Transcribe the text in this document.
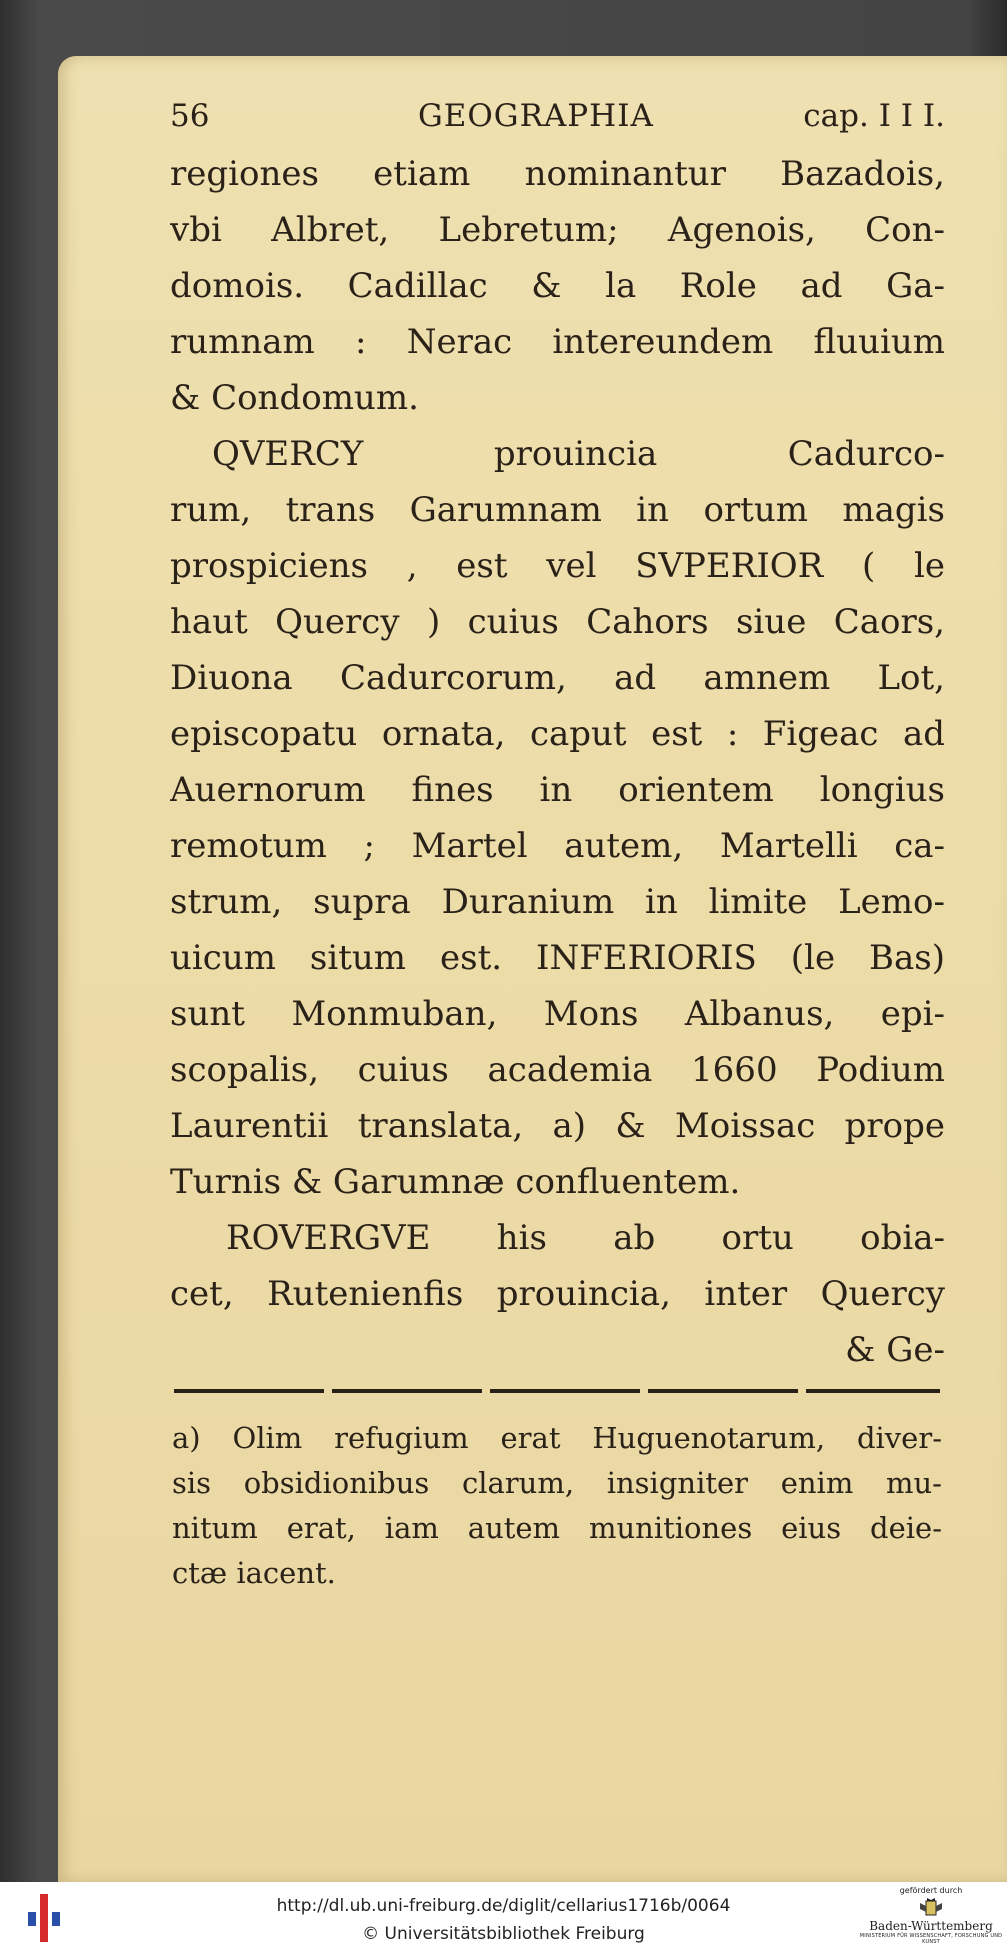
56	GEOGRAPHIA	cap. I I I.
regiones etiam nominantur Bazadois,
vbi Albret, Lebretum; Agenois, Con-
domois. Cadillac & la Role ad Ga-
rumnam : Nerac intereundem fluuium
& Condomum.
QVERCY prouincia Cadurco-
rum, trans Garumnam in ortum magis
prospiciens , est vel SVPERIOR ( le
haut Quercy ) cuius Cahors siue Caors,
Diuona Cadurcorum, ad amnem Lot,
episcopatu ornata, caput est : Figeac ad
Auernorum fines in orientem longius
remotum ; Martel autem, Martelli ca-
strum, supra Duranium in limite Lemo-
uicum situm est. INFERIORIS (le Bas)
sunt Monmuban, Mons Albanus, epi-
scopalis, cuius academia 1660 Podium
Laurentii translata, a) & Moissac prope
Turnis & Garumnæ confluentem.
ROVERGVE his ab ortu obia-
cet, Rutenienfis prouincia, inter Quercy
& Ge-
a) Olim refugium erat Huguenotarum, diver-
sis obsidionibus clarum, insigniter enim mu-
nitum erat, iam autem munitiones eius deie-
ctæ iacent.
http://dl.ub.uni-freiburg.de/diglit/cellarius1716b/0064
© Universitätsbibliothek Freiburg
gefördert durch
Baden-Württemberg
MINISTERIUM FÜR WISSENSCHAFT, FORSCHUNG UND KUNST
